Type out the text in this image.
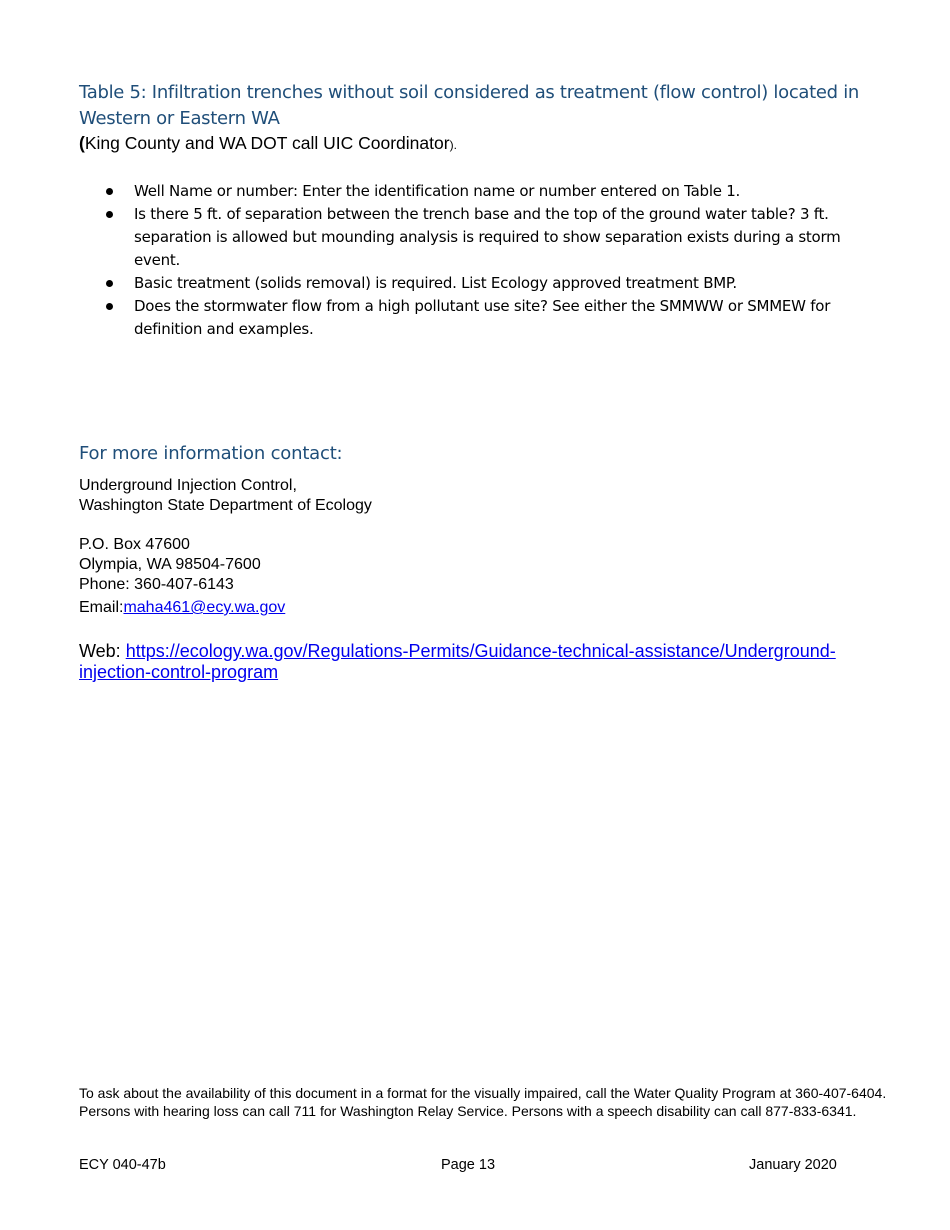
Table 5: Infiltration trenches without soil considered as treatment (flow control) located in
Western or Eastern WA
(King County and WA DOT call UIC Coordinator).
Well Name or number: Enter the identification name or number entered on Table 1.
Is there 5 ft. of separation between the trench base and the top of the ground water table? 3 ft. separation is allowed but mounding analysis is required to show separation exists during a storm event.
Basic treatment (solids removal) is required. List Ecology approved treatment BMP.
Does the stormwater flow from a high pollutant use site? See either the SMMWW or SMMEW for definition and examples.
For more information contact:
Underground Injection Control,
Washington State Department of Ecology
P.O. Box 47600
Olympia, WA 98504-7600
Phone: 360-407-6143
Email:maha461@ecy.wa.gov
Web: https://ecology.wa.gov/Regulations-Permits/Guidance-technical-assistance/Underground-
injection-control-program
To ask about the availability of this document in a format for the visually impaired, call the Water Quality Program at 360-407-6404. Persons with hearing loss can call 711 for Washington Relay Service. Persons with a speech disability can call 877-833-6341.
ECY 040-47b	Page 13	January 2020
